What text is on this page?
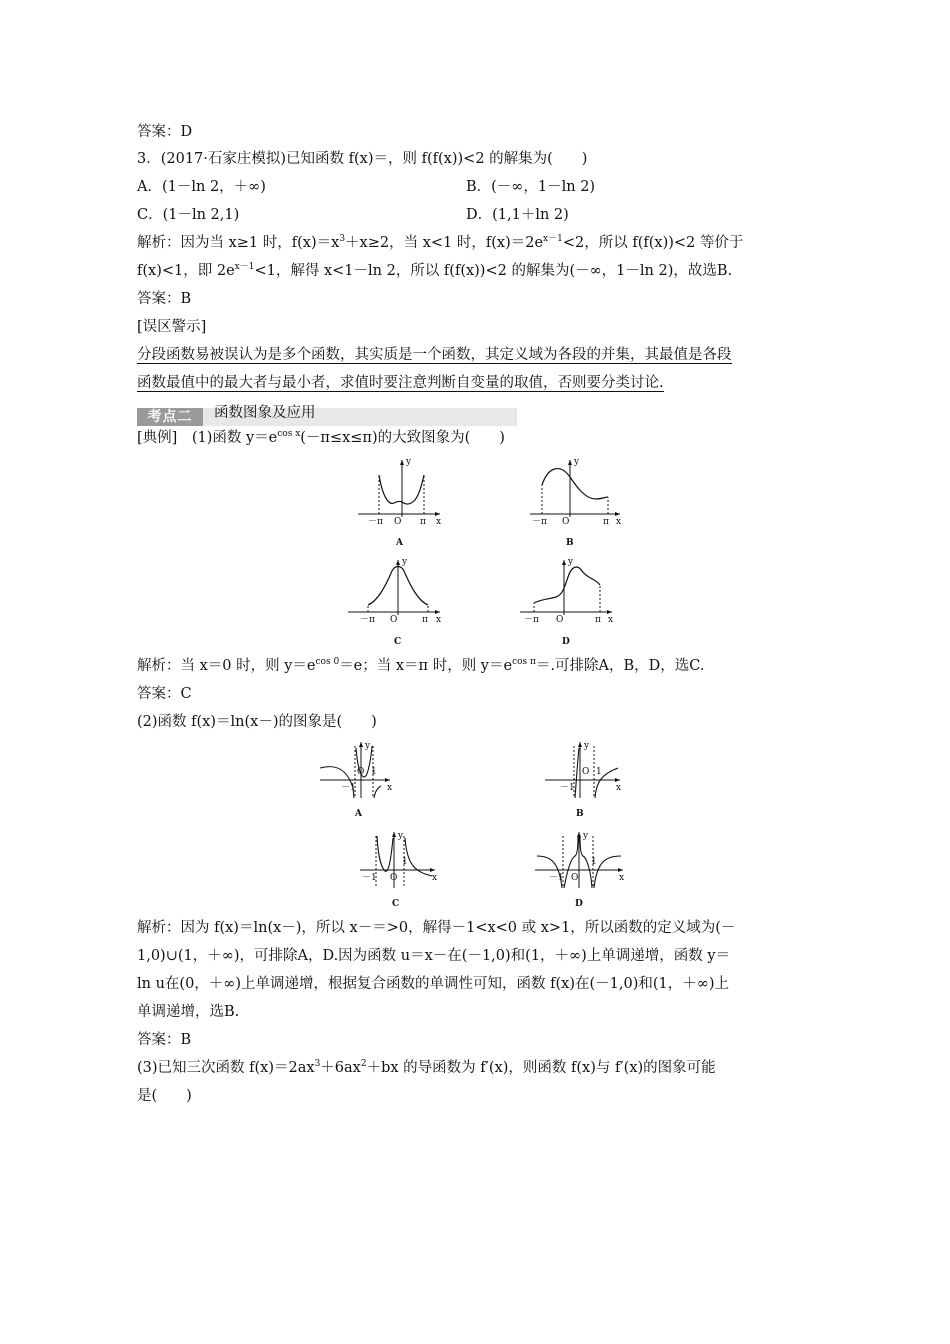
答案：D
3．(2017·石家庄模拟)已知函数 f(x)＝，则 f(f(x))<2 的解集为(　　)
A．(1－ln 2，＋∞)	B．(－∞，1－ln 2)
C．(1－ln 2,1)	D．(1,1＋ln 2)
解析：因为当 x≥1 时，$f(x)=x^3+x\ge 2$，当 x<1 时，$f(x)=2e^{x-1}<2$，所以 f(f(x))<2 等价于
f(x)<1，即 $2e^{x-1}<1$，解得 x<1－ln 2，所以 f(f(x))<2 的解集为(－∞，1－ln 2)，故选B.
答案：B
[误区警示]
分段函数易被误认为是多个函数，其实质是一个函数，其定义域为各段的并集，其最值是各段
函数最值中的最大者与最小者，求值时要注意判断自变量的取值，否则要分类讨论.
考点二	函数图象及应用
[典例]　(1)函数 $y=e^{cos x}(-\pi\le x\le\pi)$的大致图象为(　　)
y
x
O
－π	π
A
y
x
O
－π	π
B
y
x
O
－π	π
C
y
x
O
－π	π
D
解析：当 x＝0 时，则 $y=e^{cos 0}=e$；当 x＝π 时，则 $y=e^{cos \pi}=$.可排除A，B，D，选C.
答案：C
(2)函数 f(x)＝ln(x－)的图象是(　　)
y
x
－1
O 1
A
y
x
－1
O 1
B
y
x
－1 O
1
C
y
x
－1 O
1
D
解析：因为 f(x)＝ln(x－)，所以 x－＝>0，解得－1<x<0 或 x>1，所以函数的定义域为(－
1,0)∪(1，＋∞)，可排除A，D.因为函数 u＝x－在(－1,0)和(1，＋∞)上单调递增，函数 y＝
ln u在(0，＋∞)上单调递增，根据复合函数的单调性可知，函数 f(x)在(－1,0)和(1，＋∞)上
单调递增，选B.
答案：B
(3)已知三次函数 $f(x)=2ax^3+6ax^2+bx$ 的导函数为 f′(x)，则函数 f(x)与 f′(x)的图象可能
是(　　)
